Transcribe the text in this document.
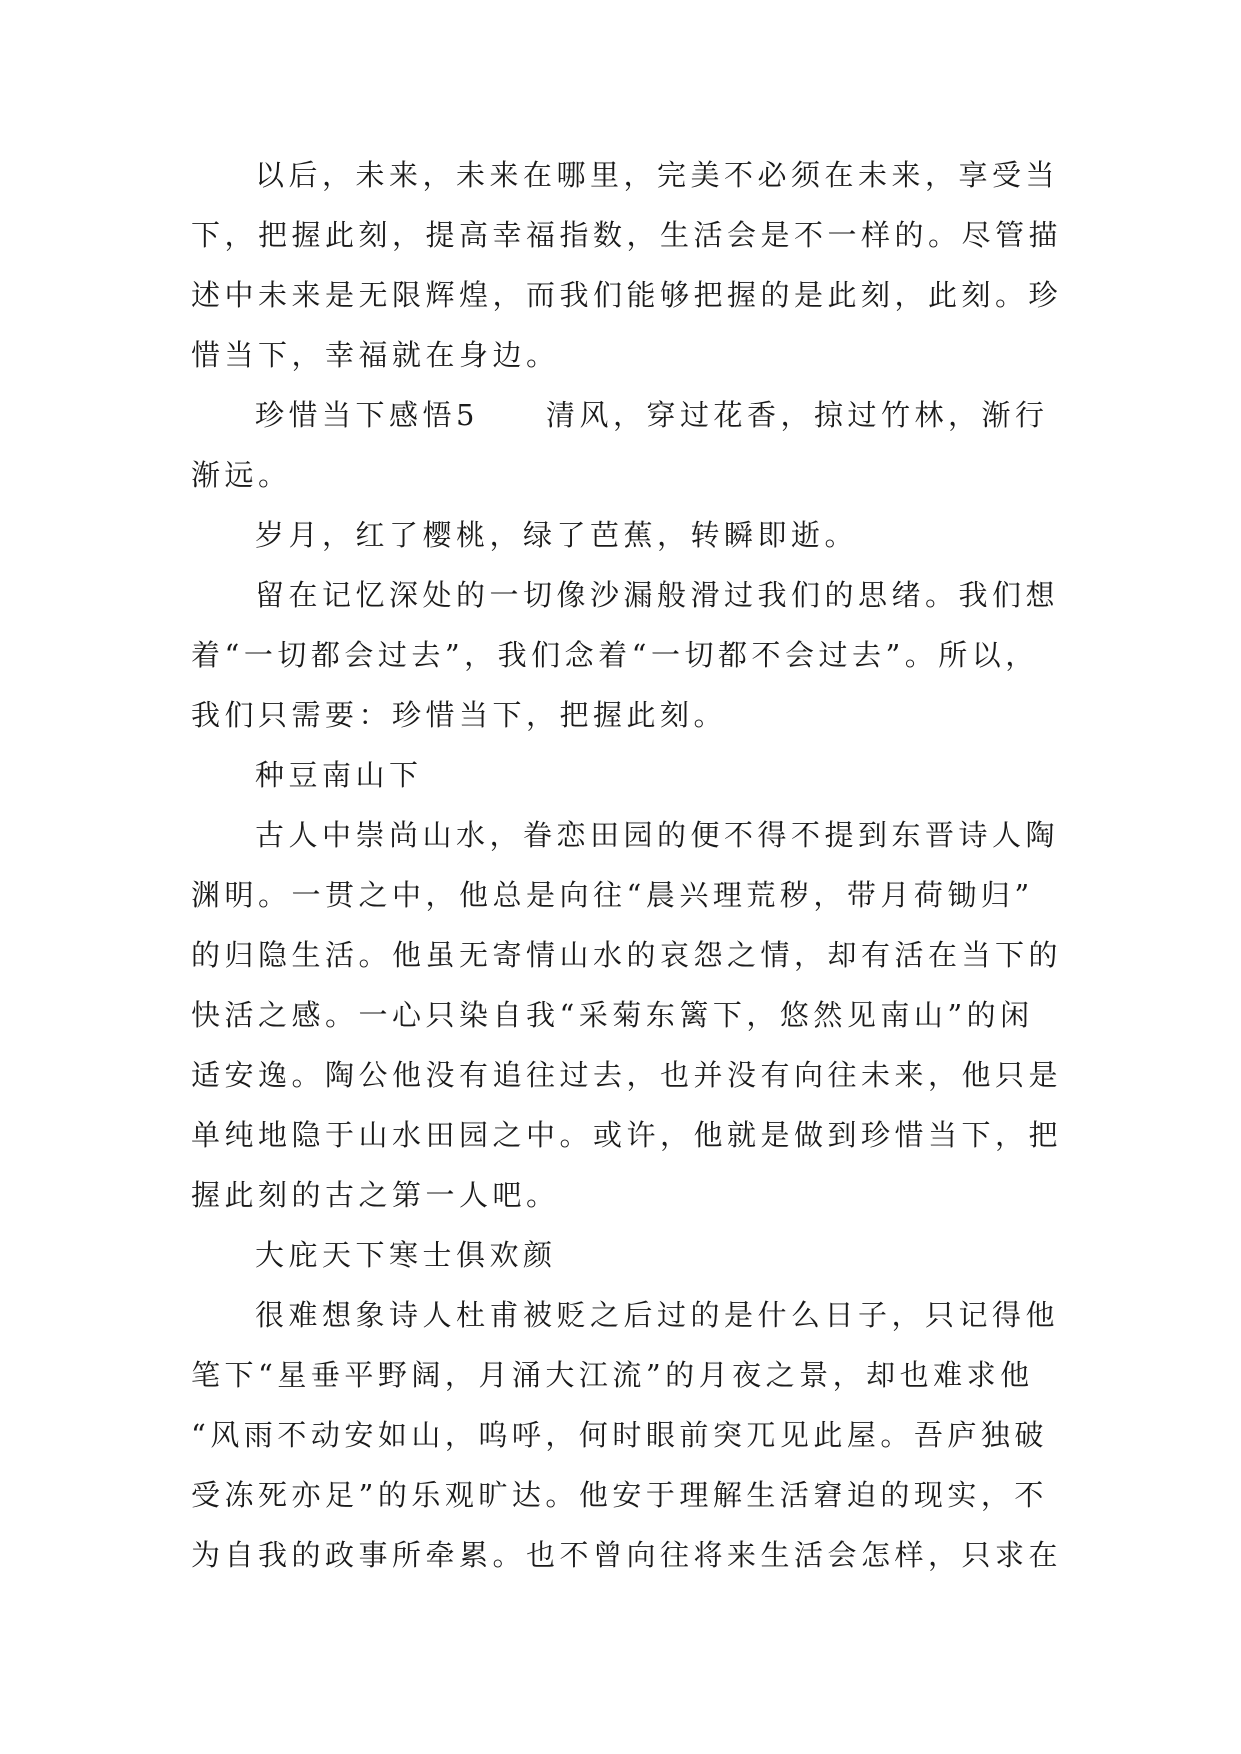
以后，未来，未来在哪里，完美不必须在未来，享受当
下，把握此刻，提高幸福指数，生活会是不一样的。尽管描
述中未来是无限辉煌，而我们能够把握的是此刻，此刻。珍
惜当下，幸福就在身边。
珍惜当下感悟5　　清风，穿过花香，掠过竹林，渐行
渐远。
岁月，红了樱桃，绿了芭蕉，转瞬即逝。
留在记忆深处的一切像沙漏般滑过我们的思绪。我们想
着“一切都会过去”，我们念着“一切都不会过去”。所以，
我们只需要：珍惜当下，把握此刻。
种豆南山下
古人中崇尚山水，眷恋田园的便不得不提到东晋诗人陶
渊明。一贯之中，他总是向往“晨兴理荒秽，带月荷锄归”
的归隐生活。他虽无寄情山水的哀怨之情，却有活在当下的
快活之感。一心只染自我“采菊东篱下，悠然见南山”的闲
适安逸。陶公他没有追往过去，也并没有向往未来，他只是
单纯地隐于山水田园之中。或许，他就是做到珍惜当下，把
握此刻的古之第一人吧。
大庇天下寒士俱欢颜
很难想象诗人杜甫被贬之后过的是什么日子，只记得他
笔下“星垂平野阔，月涌大江流”的月夜之景，却也难求他
“风雨不动安如山，呜呼，何时眼前突兀见此屋。吾庐独破
受冻死亦足”的乐观旷达。他安于理解生活窘迫的现实，不
为自我的政事所牵累。也不曾向往将来生活会怎样，只求在
